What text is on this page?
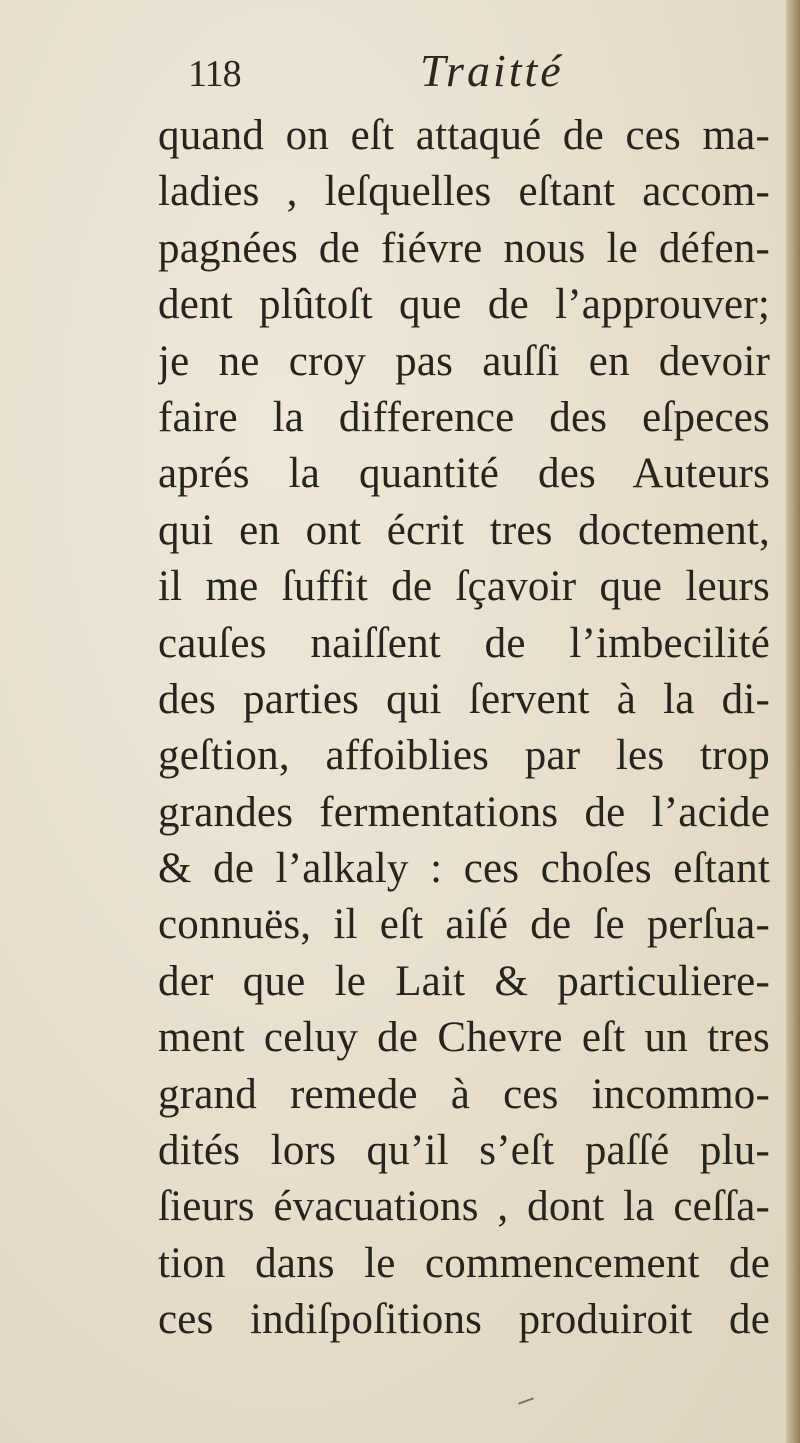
118	Traitté
quand on eſt attaqué de ces ma-
ladies , leſquelles eſtant accom-
pagnées de fiévre nous le défen-
dent plûtoſt que de l’approuver;
je ne croy pas auſſi en devoir
faire la difference des eſpeces
aprés la quantité des Auteurs
qui en ont écrit tres doctement,
il me ſuffit de ſçavoir que leurs
cauſes naiſſent de l’imbecilité
des parties qui ſervent à la di-
geſtion, affoiblies par les trop
grandes fermentations de l’acide
& de l’alkaly : ces choſes eſtant
connuës, il eſt aiſé de ſe perſua-
der que le Lait & particuliere-
ment celuy de Chevre eſt un tres
grand remede à ces incommo-
dités lors qu’il s’eſt paſſé plu-
ſieurs évacuations , dont la ceſſa-
tion dans le commencement de
ces indiſpoſitions produiroit de
